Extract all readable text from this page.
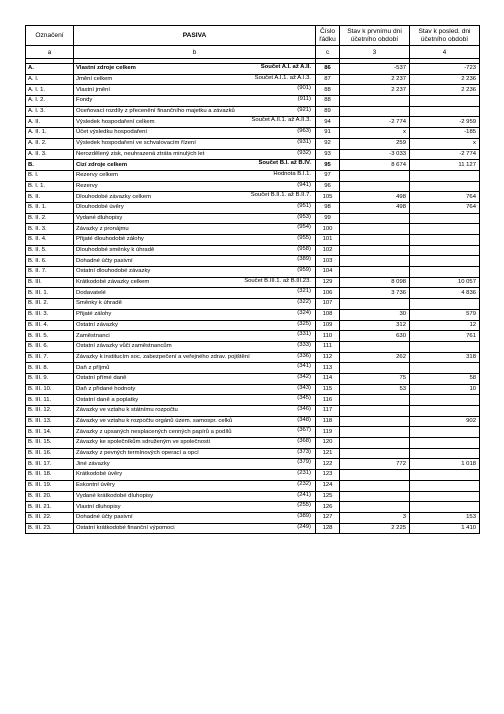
Označení	PASIVA	Číslo řádku	Stav k prvnímu dni účetního období	Stav k posled. dni účetního období
a	b	c	3	4

A.	Vlastní zdroje celkem Součet A.I. až A.II.	86	-537	-723
A. I.	Jmění celkem Součet A.I.1. až A.I.3.	87	2 237	2 236
A. I. 1.	Vlastní jmění (901)	88	2 237	2 236
A. I. 2.	Fondy (911)	88		
A. I. 3.	Oceňovací rozdíly z přecenění finančního majetku a závazků (921)	89		
A. II.	Výsledek hospodaření celkem Součet A.II.1. až A.II.3.	94	-2 774	-2 959
A. II. 1.	Účet výsledku hospodaření (963)	91	x	-185
A. II. 2.	Výsledek hospodaření ve schvalovacím řízení (931)	92	259	x
A. II. 3.	Nerozdělený zisk, neuhrazená ztráta minulých let (932)	93	-3 033	-2 774
B.	Cizí zdroje celkem Součet B.I. až B.IV.	95	8 674	11 127
B. I.	Rezervy celkem Hodnota B.I.1.	97		
B. I. 1.	Rezervy (941)	96		
B. II.	Dlouhodobé závazky celkem Součet B.II.1. až B.II.7.	105	498	764
B. II. 1.	Dlouhodobé úvěry (951)	98	498	764
B. II. 2.	Vydané dluhopisy (953)	99		
B. II. 3.	Závazky z pronájmu (954)	100		
B. II. 4.	Přijaté dlouhodobé zálohy (955)	101		
B. II. 5.	Dlouhodobé směnky k úhradě (958)	102		
B. II. 6.	Dohadné účty pasivní (389)	103		
B. II. 7.	Ostatní dlouhodobé závazky (959)	104		
B. III.	Krátkodobé závazky celkem Součet B.III.1. až B.III.23.	129	8 098	10 057
B. III. 1.	Dodavatelé (321)	106	3 736	4 836
B. III. 2.	Směnky k úhradě (322)	107		
B. III. 3.	Přijaté zálohy (324)	108	30	579
B. III. 4.	Ostatní závazky (325)	109	312	12
B. III. 5.	Zaměstnanci (331)	110	630	761
B. III. 6.	Ostatní závazky vůči zaměstnancům (333)	111		
B. III. 7.	Závazky k institucím soc. zabezpečení a veřejného zdrav. pojištění (336)	112	262	318
B. III. 8.	Daň z příjmů (341)	113		
B. III. 9.	Ostatní přímé daně (342)	114	75	58
B. III. 10.	Daň z přidané hodnoty (343)	115	53	10
B. III. 11.	Ostatní daně a poplatky (345)	116		
B. III. 12.	Závazky ve vztahu k státnímu rozpočtu (346)	117		
B. III. 13.	Závazky ve vztahu k rozpočtu orgánů územ. samospr. celků (348)	118		902
B. III. 14.	Závazky z upsaných nesplacených cenných papírů a podílů (367)	119		
B. III. 15.	Závazky ke společníkům sdruženým ve společnosti (368)	120		
B. III. 16.	Závazky z pevných termínových operací a opcí (373)	121		
B. III. 17.	Jiné závazky (379)	122	772	1 018
B. III. 18.	Krátkodobé úvěry (231)	123		
B. III. 19.	Eskontní úvěry (232)	124		
B. III. 20.	Vydané krátkodobé dluhopisy (241)	125		
B. III. 21.	Vlastní dluhopisy (255)	126		
B. III. 22.	Dohadné účty pasivní (389)	127	3	153
B. III. 23.	Ostatní krátkodobé finanční výpomoci (249)	128	2 225	1 410
